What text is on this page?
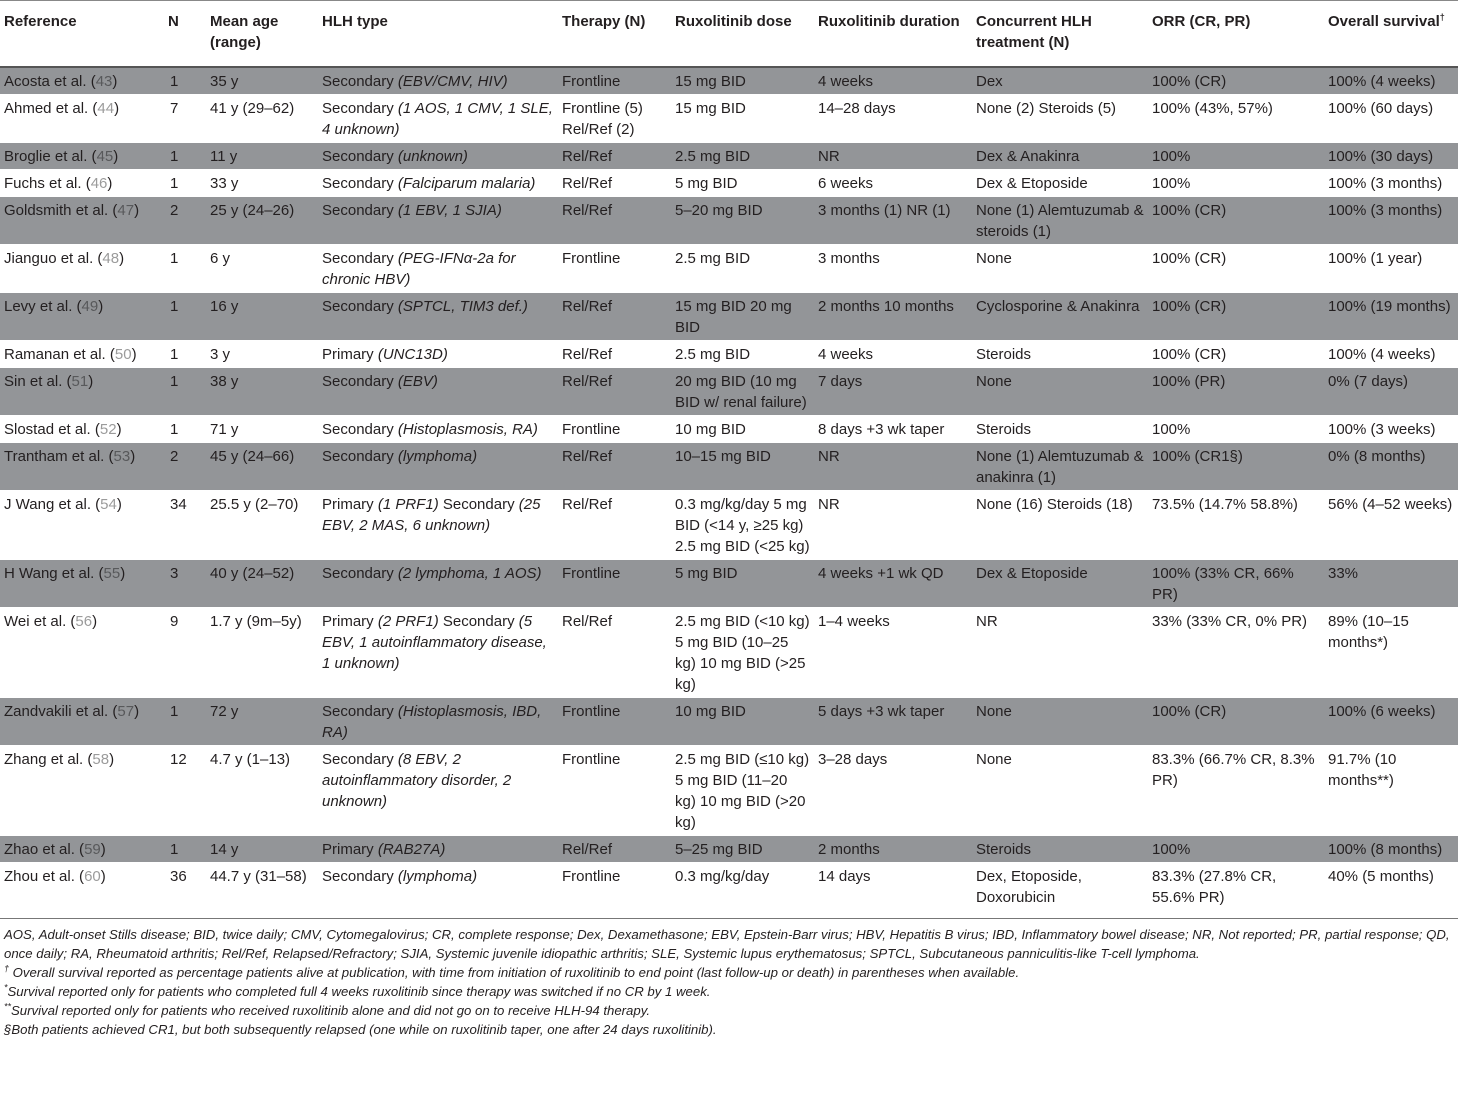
Reference	N	Mean age (range)	HLH type	Therapy (N)	Ruxolitinib dose	Ruxolitinib duration	Concurrent HLH treatment (N)	ORR (CR, PR)	Overall survival†
Acosta et al. (43)	1	35 y	Secondary (EBV/CMV, HIV)	Frontline	15 mg BID	4 weeks	Dex	100% (CR)	100% (4 weeks)
Ahmed et al. (44)	7	41 y (29–62)	Secondary (1 AOS, 1 CMV, 1 SLE, 4 unknown)	Frontline (5) Rel/Ref (2)	15 mg BID	14–28 days	None (2) Steroids (5)	100% (43%, 57%)	100% (60 days)
Broglie et al. (45)	1	11 y	Secondary (unknown)	Rel/Ref	2.5 mg BID	NR	Dex & Anakinra	100%	100% (30 days)
Fuchs et al. (46)	1	33 y	Secondary (Falciparum malaria)	Rel/Ref	5 mg BID	6 weeks	Dex & Etoposide	100%	100% (3 months)
Goldsmith et al. (47)	2	25 y (24–26)	Secondary (1 EBV, 1 SJIA)	Rel/Ref	5–20 mg BID	3 months (1) NR (1)	None (1) Alemtuzumab & steroids (1)	100% (CR)	100% (3 months)
Jianguo et al. (48)	1	6 y	Secondary (PEG-IFNα-2a for chronic HBV)	Frontline	2.5 mg BID	3 months	None	100% (CR)	100% (1 year)
Levy et al. (49)	1	16 y	Secondary (SPTCL, TIM3 def.)	Rel/Ref	15 mg BID 20 mg BID	2 months 10 months	Cyclosporine & Anakinra	100% (CR)	100% (19 months)
Ramanan et al. (50)	1	3 y	Primary (UNC13D)	Rel/Ref	2.5 mg BID	4 weeks	Steroids	100% (CR)	100% (4 weeks)
Sin et al. (51)	1	38 y	Secondary (EBV)	Rel/Ref	20 mg BID (10 mg BID w/ renal failure)	7 days	None	100% (PR)	0% (7 days)
Slostad et al. (52)	1	71 y	Secondary (Histoplasmosis, RA)	Frontline	10 mg BID	8 days +3 wk taper	Steroids	100%	100% (3 weeks)
Trantham et al. (53)	2	45 y (24–66)	Secondary (lymphoma)	Rel/Ref	10–15 mg BID	NR	None (1) Alemtuzumab & anakinra (1)	100% (CR1§)	0% (8 months)
J Wang et al. (54)	34	25.5 y (2–70)	Primary (1 PRF1) Secondary (25 EBV, 2 MAS, 6 unknown)	Rel/Ref	0.3 mg/kg/day 5 mg BID (<14 y, ≥25 kg) 2.5 mg BID (<25 kg)	NR	None (16) Steroids (18)	73.5% (14.7% 58.8%)	56% (4–52 weeks)
H Wang et al. (55)	3	40 y (24–52)	Secondary (2 lymphoma, 1 AOS)	Frontline	5 mg BID	4 weeks +1 wk QD	Dex & Etoposide	100% (33% CR, 66% PR)	33%
Wei et al. (56)	9	1.7 y (9m–5y)	Primary (2 PRF1) Secondary (5 EBV, 1 autoinflammatory disease, 1 unknown)	Rel/Ref	2.5 mg BID (<10 kg) 5 mg BID (10–25 kg) 10 mg BID (>25 kg)	1–4 weeks	NR	33% (33% CR, 0% PR)	89% (10–15 months*)
Zandvakili et al. (57)	1	72 y	Secondary (Histoplasmosis, IBD, RA)	Frontline	10 mg BID	5 days +3 wk taper	None	100% (CR)	100% (6 weeks)
Zhang et al. (58)	12	4.7 y (1–13)	Secondary (8 EBV, 2 autoinflammatory disorder, 2 unknown)	Frontline	2.5 mg BID (≤10 kg) 5 mg BID (11–20 kg) 10 mg BID (>20 kg)	3–28 days	None	83.3% (66.7% CR, 8.3% PR)	91.7% (10 months**)
Zhao et al. (59)	1	14 y	Primary (RAB27A)	Rel/Ref	5–25 mg BID	2 months	Steroids	100%	100% (8 months)
Zhou et al. (60)	36	44.7 y (31–58)	Secondary (lymphoma)	Frontline	0.3 mg/kg/day	14 days	Dex, Etoposide, Doxorubicin	83.3% (27.8% CR, 55.6% PR)	40% (5 months)

AOS, Adult-onset Stills disease; BID, twice daily; CMV, Cytomegalovirus; CR, complete response; Dex, Dexamethasone; EBV, Epstein-Barr virus; HBV, Hepatitis B virus; IBD, Inflammatory bowel disease; NR, Not reported; PR, partial response; QD, once daily; RA, Rheumatoid arthritis; Rel/Ref, Relapsed/Refractory; SJIA, Systemic juvenile idiopathic arthritis; SLE, Systemic lupus erythematosus; SPTCL, Subcutaneous panniculitis-like T-cell lymphoma.

† Overall survival reported as percentage patients alive at publication, with time from initiation of ruxolitinib to end point (last follow-up or death) in parentheses when available.

*Survival reported only for patients who completed full 4 weeks ruxolitinib since therapy was switched if no CR by 1 week.

**Survival reported only for patients who received ruxolitinib alone and did not go on to receive HLH-94 therapy.

§Both patients achieved CR1, but both subsequently relapsed (one while on ruxolitinib taper, one after 24 days ruxolitinib).
